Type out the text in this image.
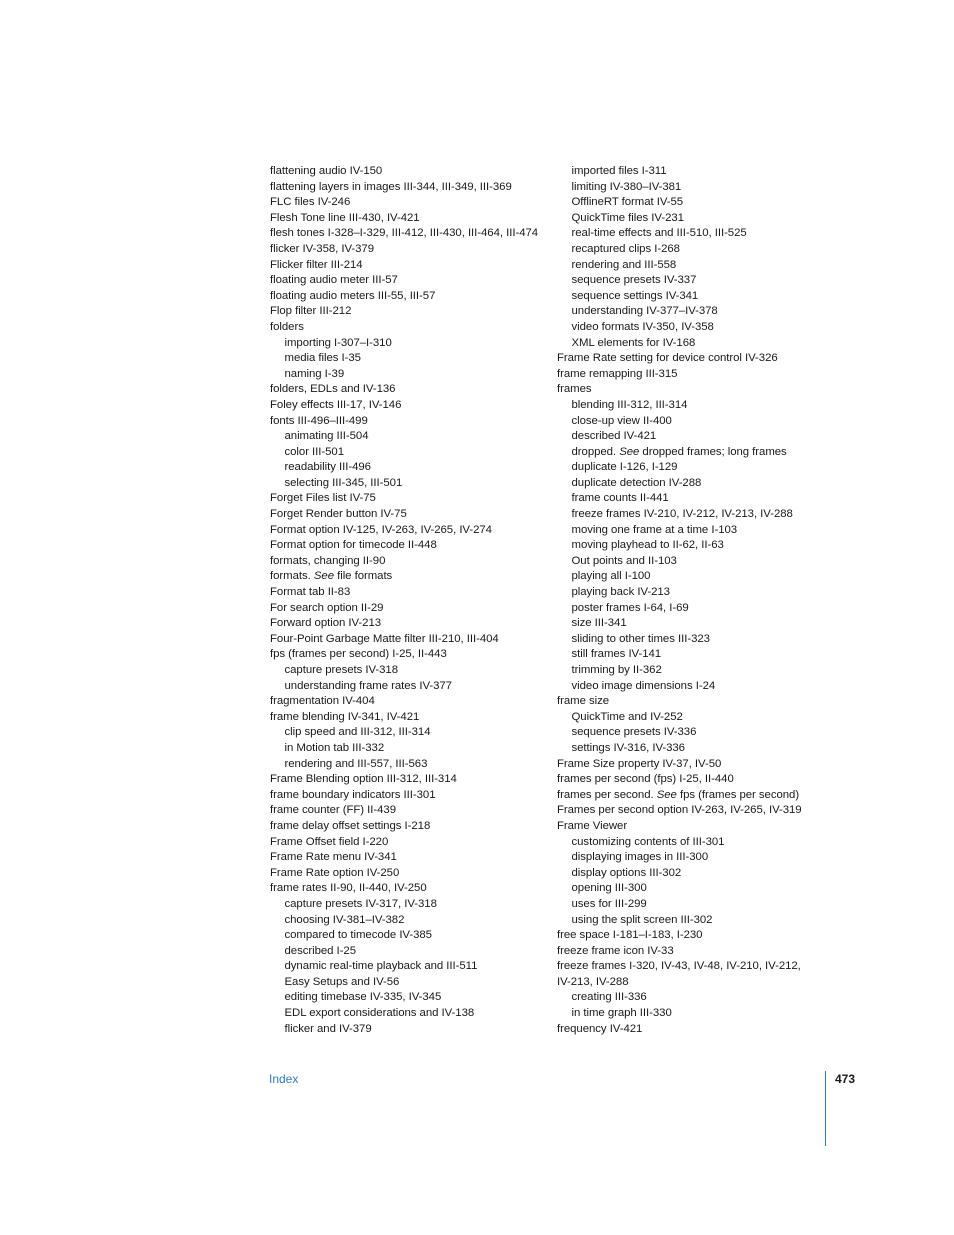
flattening audio IV-150
flattening layers in images III-344, III-349, III-369
FLC files IV-246
Flesh Tone line III-430, IV-421
flesh tones I-328–I-329, III-412, III-430, III-464, III-474
flicker IV-358, IV-379
Flicker filter III-214
floating audio meter III-57
floating audio meters III-55, III-57
Flop filter III-212
folders
importing I-307–I-310
media files I-35
naming I-39
folders, EDLs and IV-136
Foley effects III-17, IV-146
fonts III-496–III-499
animating III-504
color III-501
readability III-496
selecting III-345, III-501
Forget Files list IV-75
Forget Render button IV-75
Format option IV-125, IV-263, IV-265, IV-274
Format option for timecode II-448
formats, changing II-90
formats. See file formats
Format tab II-83
For search option II-29
Forward option IV-213
Four-Point Garbage Matte filter III-210, III-404
fps (frames per second) I-25, II-443
capture presets IV-318
understanding frame rates IV-377
fragmentation IV-404
frame blending IV-341, IV-421
clip speed and III-312, III-314
in Motion tab III-332
rendering and III-557, III-563
Frame Blending option III-312, III-314
frame boundary indicators III-301
frame counter (FF) II-439
frame delay offset settings I-218
Frame Offset field I-220
Frame Rate menu IV-341
Frame Rate option IV-250
frame rates II-90, II-440, IV-250
capture presets IV-317, IV-318
choosing IV-381–IV-382
compared to timecode IV-385
described I-25
dynamic real-time playback and III-511
Easy Setups and IV-56
editing timebase IV-335, IV-345
EDL export considerations and IV-138
flicker and IV-379
imported files I-311
limiting IV-380–IV-381
OfflineRT format IV-55
QuickTime files IV-231
real-time effects and III-510, III-525
recaptured clips I-268
rendering and III-558
sequence presets IV-337
sequence settings IV-341
understanding IV-377–IV-378
video formats IV-350, IV-358
XML elements for IV-168
Frame Rate setting for device control IV-326
frame remapping III-315
frames
blending III-312, III-314
close-up view II-400
described IV-421
dropped. See dropped frames; long frames
duplicate I-126, I-129
duplicate detection IV-288
frame counts II-441
freeze frames IV-210, IV-212, IV-213, IV-288
moving one frame at a time I-103
moving playhead to II-62, II-63
Out points and II-103
playing all I-100
playing back IV-213
poster frames I-64, I-69
size III-341
sliding to other times III-323
still frames IV-141
trimming by II-362
video image dimensions I-24
frame size
QuickTime and IV-252
sequence presets IV-336
settings IV-316, IV-336
Frame Size property IV-37, IV-50
frames per second (fps) I-25, II-440
frames per second. See fps (frames per second)
Frames per second option IV-263, IV-265, IV-319
Frame Viewer
customizing contents of III-301
displaying images in III-300
display options III-302
opening III-300
uses for III-299
using the split screen III-302
free space I-181–I-183, I-230
freeze frame icon IV-33
freeze frames I-320, IV-43, IV-48, IV-210, IV-212,
IV-213, IV-288
creating III-336
in time graph III-330
frequency IV-421
Index	473
